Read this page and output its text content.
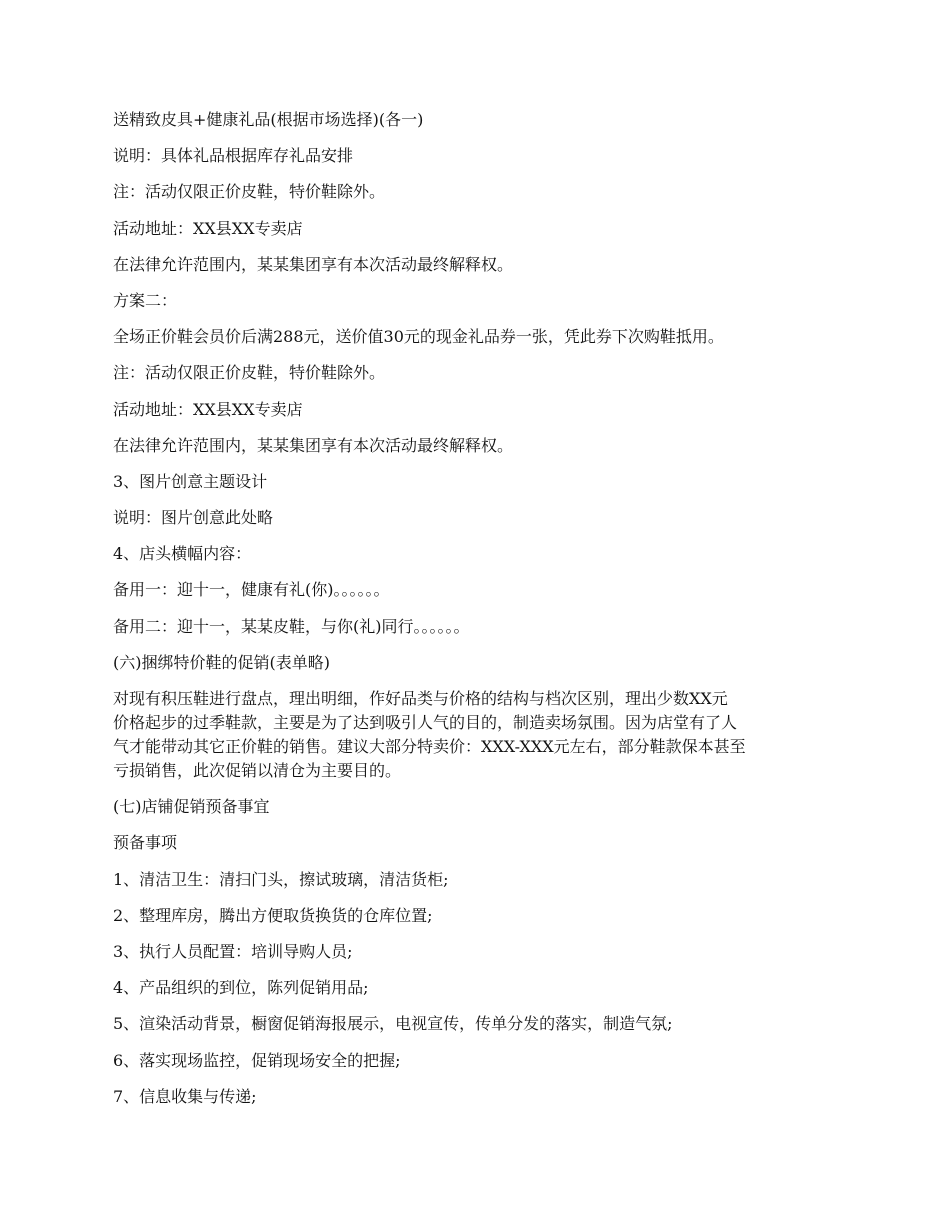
送精致皮具+健康礼品(根据市场选择)(各一)
说明：具体礼品根据库存礼品安排
注：活动仅限正价皮鞋，特价鞋除外。
活动地址：XX县XX专卖店
在法律允许范围内，某某集团享有本次活动最终解释权。
方案二：
全场正价鞋会员价后满288元，送价值30元的现金礼品券一张，凭此券下次购鞋抵用。
注：活动仅限正价皮鞋，特价鞋除外。
活动地址：XX县XX专卖店
在法律允许范围内，某某集团享有本次活动最终解释权。
3、图片创意主题设计
说明：图片创意此处略
4、店头横幅内容：
备用一：迎十一，健康有礼(你)。。。。。。
备用二：迎十一，某某皮鞋，与你(礼)同行。。。。。。
(六)捆绑特价鞋的促销(表单略)
对现有积压鞋进行盘点，理出明细，作好品类与价格的结构与档次区别，理出少数XX元
价格起步的过季鞋款，主要是为了达到吸引人气的目的，制造卖场氛围。因为店堂有了人
气才能带动其它正价鞋的销售。建议大部分特卖价：XXX-XXX元左右，部分鞋款保本甚至
亏损销售，此次促销以清仓为主要目的。
(七)店铺促销预备事宜
预备事项
1、清洁卫生：清扫门头，擦试玻璃，清洁货柜;
2、整理库房，腾出方便取货换货的仓库位置;
3、执行人员配置：培训导购人员;
4、产品组织的到位，陈列促销用品;
5、渲染活动背景，橱窗促销海报展示，电视宣传，传单分发的落实，制造气氛;
6、落实现场监控，促销现场安全的把握;
7、信息收集与传递;
